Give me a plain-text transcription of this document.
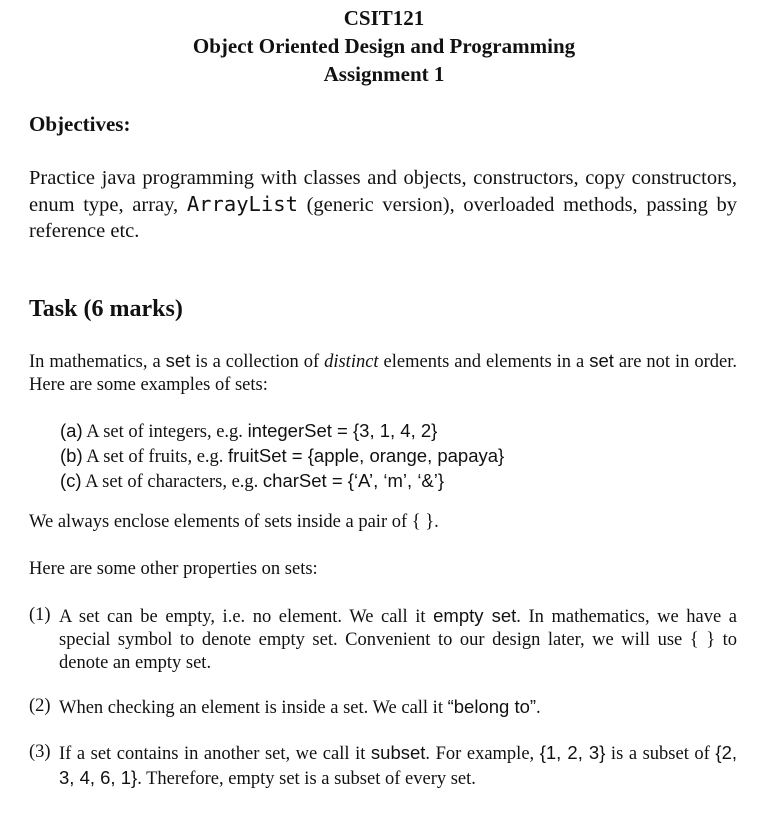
CSIT121
Object Oriented Design and Programming
Assignment 1
Objectives:
Practice java programming with classes and objects, constructors, copy constructors, enum type, array, ArrayList (generic version), overloaded methods, passing by reference etc.
Task (6 marks)
In mathematics, a set is a collection of distinct elements and elements in a set are not in order. Here are some examples of sets:
(a) A set of integers, e.g. integerSet = {3, 1, 4, 2}
(b) A set of fruits, e.g. fruitSet = {apple, orange, papaya}
(c) A set of characters, e.g. charSet = {‘A’, ‘m’, ‘&’}
We always enclose elements of sets inside a pair of { }.
Here are some other properties on sets:
(1) A set can be empty, i.e. no element. We call it empty set. In mathematics, we have a special symbol to denote empty set. Convenient to our design later, we will use { } to denote an empty set.
(2) When checking an element is inside a set. We call it “belong to”.
(3) If a set contains in another set, we call it subset. For example, {1, 2, 3} is a subset of {2, 3, 4, 6, 1}. Therefore, empty set is a subset of every set.
